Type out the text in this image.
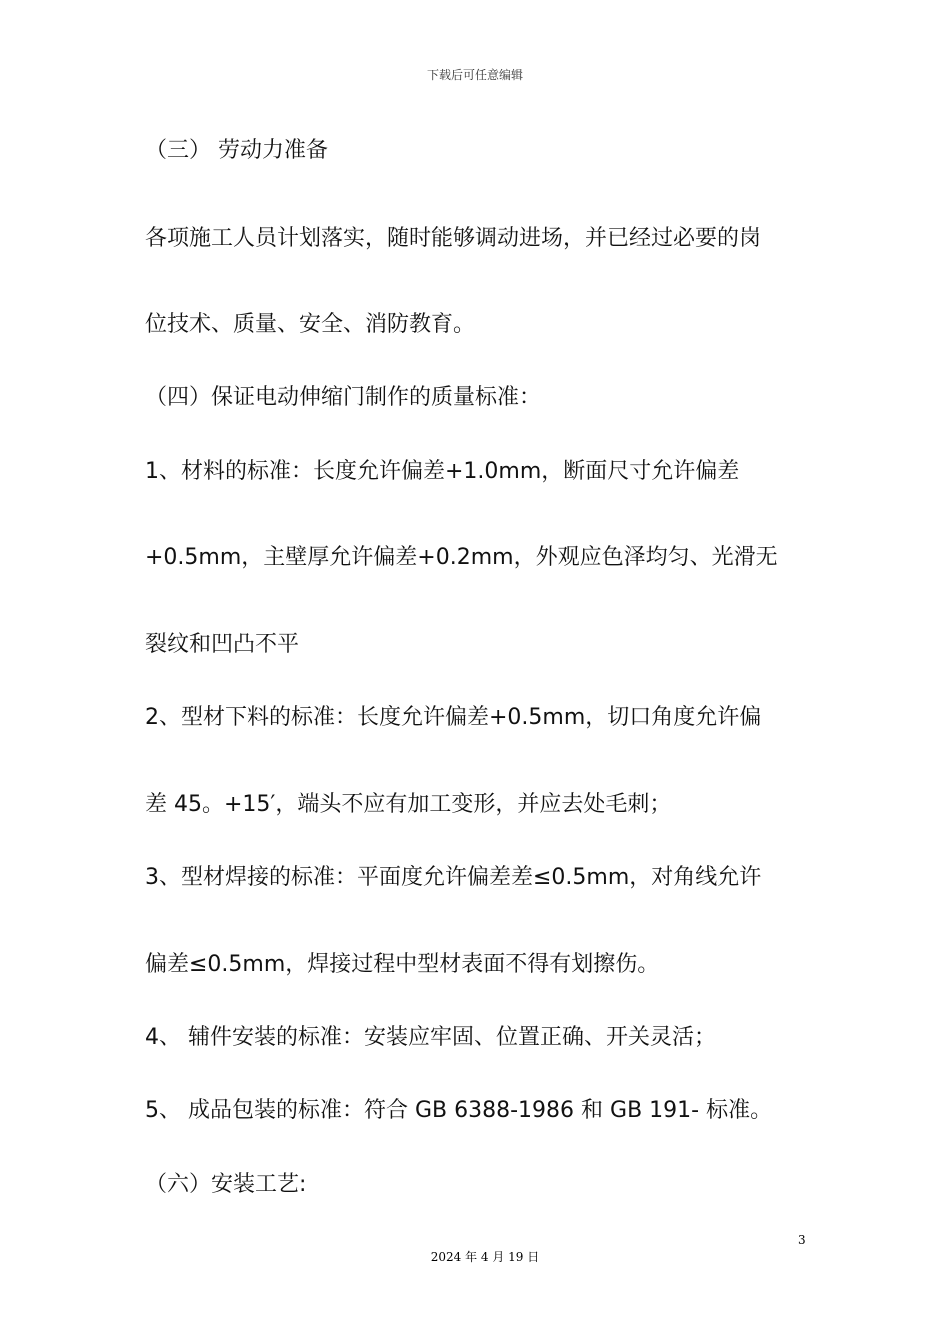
下载后可任意编辑
（三） 劳动力准备
各项施工人员计划落实，随时能够调动进场，并已经过必要的岗
位技术、质量、安全、消防教育。
（四）保证电动伸缩门制作的质量标准：
1、材料的标准：长度允许偏差+1.0mm，断面尺寸允许偏差
+0.5mm，主壁厚允许偏差+0.2mm，外观应色泽均匀、光滑无
裂纹和凹凸不平
2、型材下料的标准：长度允许偏差+0.5mm，切口角度允许偏
差 45。+15′，端头不应有加工变形，并应去处毛刺；
3、型材焊接的标准：平面度允许偏差差≤0.5mm，对角线允许
偏差≤0.5mm，焊接过程中型材表面不得有划擦伤。
4、 辅件安装的标准：安装应牢固、位置正确、开关灵活；
5、 成品包装的标准：符合 GB 6388-1986 和 GB 191- 标准。
（六）安装工艺:
3
2024 年 4 月 19 日
